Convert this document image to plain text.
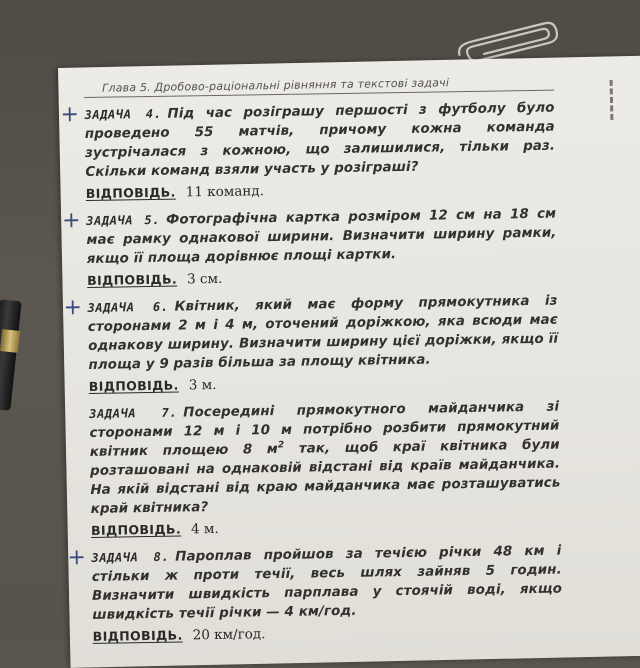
Глава 5. Дробово-раціональні рівняння та текстові задачі
+ ЗАДАЧА 4. Під час розіграшу першості з футболу було проведено 55 матчів, причому кожна команда зустрічалася з кожною, що залишилися, тільки раз. Скільки команд взяли участь у розіграші?

ВІДПОВІДЬ. 11 команд.
+ ЗАДАЧА 5. Фотографічна картка розміром 12 см на 18 см має рамку однакової ширини. Визначити ширину рамки, якщо її площа дорівнює площі картки.

ВІДПОВІДЬ. 3 см.
+ ЗАДАЧА 6. Квітник, який має форму прямокутника із сторонами 2 м і 4 м, оточений доріжкою, яка всюди має однакову ширину. Визначити ширину цієї доріжки, якщо її площа у 9 разів більша за площу квітника.

ВІДПОВІДЬ. 3 м.

ЗАДАЧА 7. Посередині прямокутного майданчика зі сторонами 12 м і 10 м потрібно розбити прямокутний квітник площею 8 $м^2$ так, щоб краї квітника були розташовані на однаковій відстані від країв майданчика. На якій відстані від краю майданчика має розташуватись край квітника?

ВІДПОВІДЬ. 4 м.
+ ЗАДАЧА 8. Пароплав пройшов за течією річки 48 км і стільки ж проти течії, весь шлях зайняв 5 годин. Визначити швидкість парплава у стоячій воді, якщо швидкість течії річки — 4 км/год.

ВІДПОВІДЬ. 20 км/год.
